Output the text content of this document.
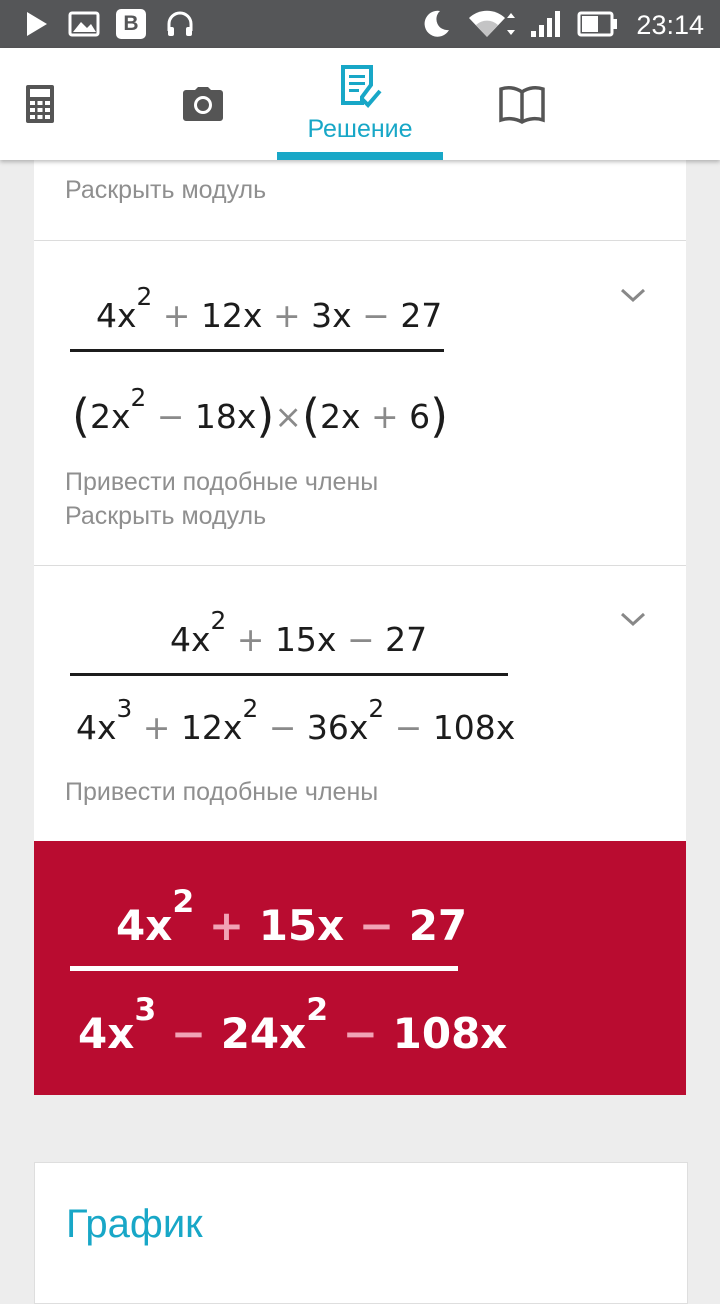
В	23:14
Решение
Раскрыть модуль
$4x^2 + 12x + 3x - 27$
$(2x^2 - 18x)\times(2x + 6)$
Привести подобные члены
Раскрыть модуль
$4x^2 + 15x - 27$
$4x^3 + 12x^2 - 36x^2 - 108x$
Привести подобные члены
$4x^2 + 15x - 27$
$4x^3 - 24x^2 - 108x$
График
